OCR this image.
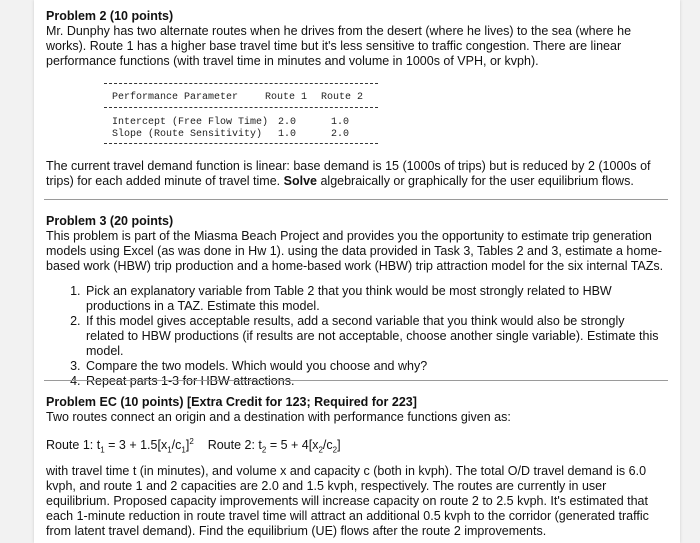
Problem 2 (10 points)

Mr. Dunphy has two alternate routes when he drives from the desert (where he lives) to the sea (where he works). Route 1 has a higher base travel time but it's less sensitive to traffic congestion. There are linear performance functions (with travel time in minutes and volume in 1000s of VPH, or kvph).

Performance Parameter	Route 1 Route 2
Intercept (Free Flow Time) 2.0	1.0
Slope (Route Sensitivity) 1.0	2.0

The current travel demand function is linear: base demand is 15 (1000s of trips) but is reduced by 2 (1000s of trips) for each added minute of travel time. Solve algebraically or graphically for the user equilibrium flows.

Problem 3 (20 points)

This problem is part of the Miasma Beach Project and provides you the opportunity to estimate trip generation models using Excel (as was done in Hw 1). using the data provided in Task 3, Tables 2 and 3, estimate a home-based work (HBW) trip production and a home-based work (HBW) trip attraction model for the six internal TAZs.

1. Pick an explanatory variable from Table 2 that you think would be most strongly related to HBW productions in a TAZ. Estimate this model.
2. If this model gives acceptable results, add a second variable that you think would also be strongly related to HBW productions (if results are not acceptable, choose another single variable). Estimate this model.
3. Compare the two models. Which would you choose and why?
4. Repeat parts 1-3 for HBW attractions.

Problem EC (10 points) [Extra Credit for 123; Required for 223]

Two routes connect an origin and a destination with performance functions given as:

Route 1: $t_1 = 3 + 1.5[x_1/c_1]^2$ Route 2: $t_2 = 5 + 4[x_2/c_2]$

with travel time t (in minutes), and volume x and capacity c (both in kvph). The total O/D travel demand is 6.0 kvph, and route 1 and 2 capacities are 2.0 and 1.5 kvph, respectively. The routes are currently in user equilibrium. Proposed capacity improvements will increase capacity on route 2 to 2.5 kvph. It's estimated that each 1-minute reduction in route travel time will attract an additional 0.5 kvph to the corridor (generated traffic from latent travel demand). Find the equilibrium (UE) flows after the route 2 improvements.
